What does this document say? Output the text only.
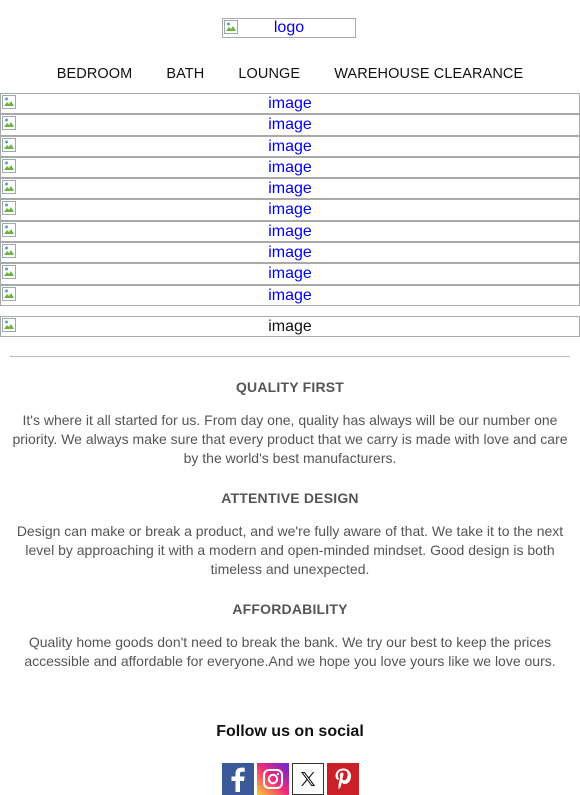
logo
BEDROOM	BATH	LOUNGE	WAREHOUSE CLEARANCE
image
image
image
image
image
image
image
image
image
image
image
QUALITY FIRST

It's where it all started for us. From day one, quality has always will be our number one priority. We always make sure that every product that we carry is made with love and care by the world's best manufacturers.

ATTENTIVE DESIGN

Design can make or break a product, and we're fully aware of that. We take it to the next level by approaching it with a modern and open-minded mindset. Good design is both timeless and unexpected.

AFFORDABILITY

Quality home goods don't need to break the bank. We try our best to keep the prices accessible and affordable for everyone.And we hope you love yours like we love ours.

Follow us on social
